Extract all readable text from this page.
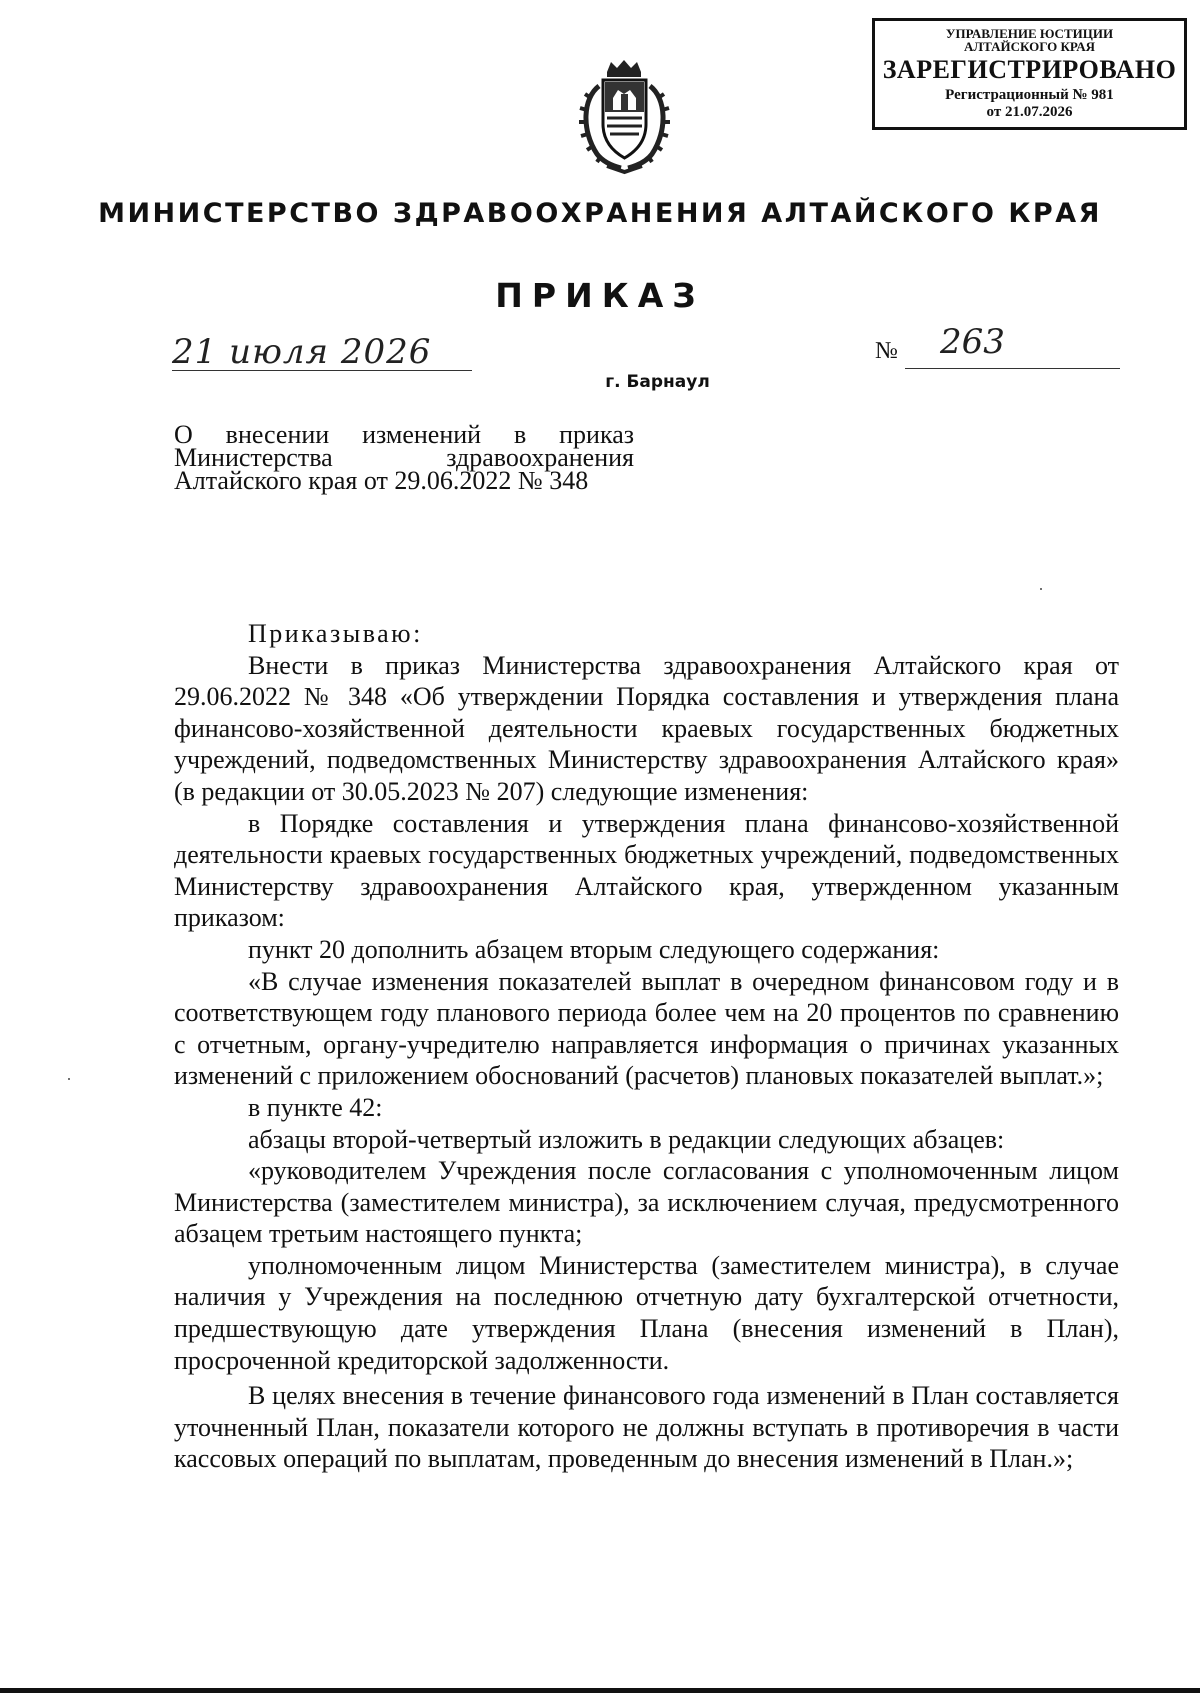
УПРАВЛЕНИЕ ЮСТИЦИИ
АЛТАЙСКОГО КРАЯ
ЗАРЕГИСТРИРОВАНО
Регистрационный № 981
от 21.07.2026
МИНИСТЕРСТВО ЗДРАВООХРАНЕНИЯ АЛТАЙСКОГО КРАЯ
ПРИКАЗ
21 июля 2026	№ 263
г. Барнаул
О внесении изменений в приказ Министерства здравоохранения Алтайского края от 29.06.2022 № 348

Приказываю:

Внести в приказ Министерства здравоохранения Алтайского края от 29.06.2022 № 348 «Об утверждении Порядка составления и утверждения плана финансово-хозяйственной деятельности краевых государственных бюджетных учреждений, подведомственных Министерству здравоохранения Алтайского края» (в редакции от 30.05.2023 № 207) следующие изменения:

в Порядке составления и утверждения плана финансово-хозяйственной деятельности краевых государственных бюджетных учреждений, подведомственных Министерству здравоохранения Алтайского края, утвержденном указанным приказом:

пункт 20 дополнить абзацем вторым следующего содержания:

«В случае изменения показателей выплат в очередном финансовом году и в соответствующем году планового периода более чем на 20 процентов по сравнению с отчетным, органу-учредителю направляется информация о причинах указанных изменений с приложением обоснований (расчетов) плановых показателей выплат.»;

в пункте 42:

абзацы второй-четвертый изложить в редакции следующих абзацев:

«руководителем Учреждения после согласования с уполномоченным лицом Министерства (заместителем министра), за исключением случая, предусмотренного абзацем третьим настоящего пункта;

уполномоченным лицом Министерства (заместителем министра), в случае наличия у Учреждения на последнюю отчетную дату бухгалтерской отчетности, предшествующую дате утверждения Плана (внесения изменений в План), просроченной кредиторской задолженности.

В целях внесения в течение финансового года изменений в План составляется уточненный План, показатели которого не должны вступать в противоречия в части кассовых операций по выплатам, проведенным до внесения изменений в План.»;
